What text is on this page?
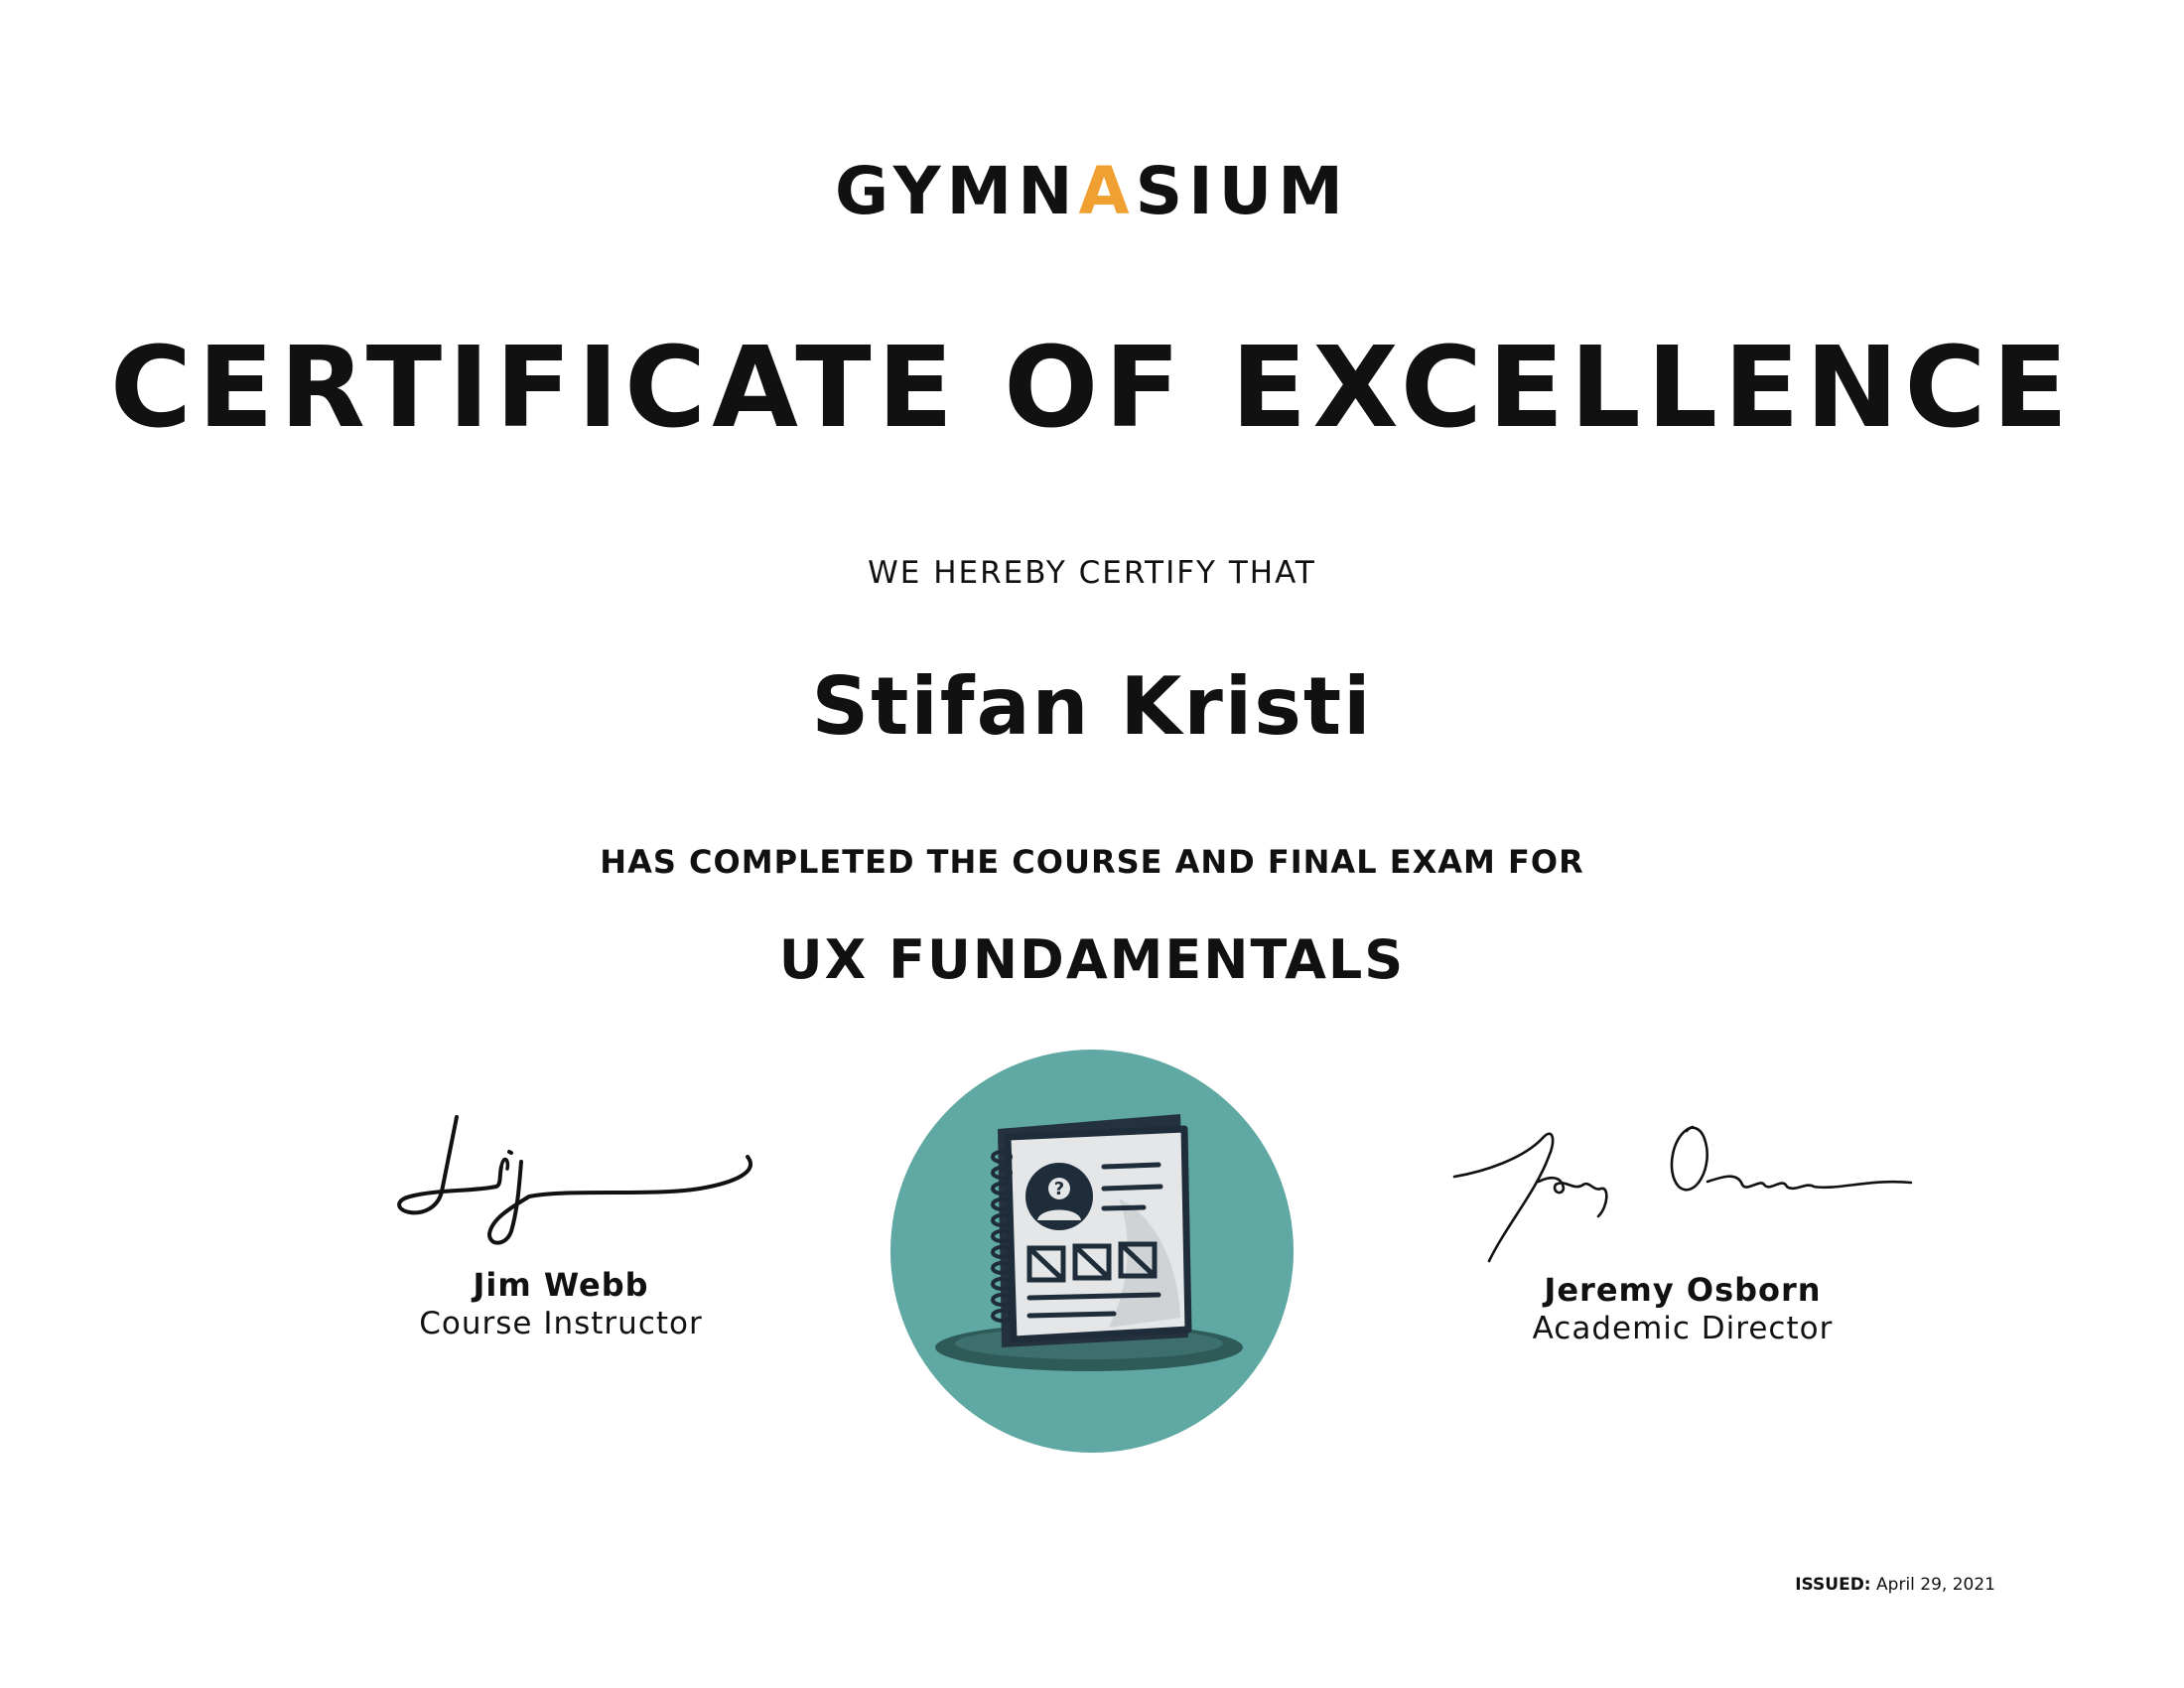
GYMNASIUM
CERTIFICATE OF EXCELLENCE
WE HEREBY CERTIFY THAT
Stifan Kristi
HAS COMPLETED THE COURSE AND FINAL EXAM FOR
UX FUNDAMENTALS
Jim Webb
Course Instructor
Jeremy Osborn
Academic Director
?
ISSUED: April 29, 2021
